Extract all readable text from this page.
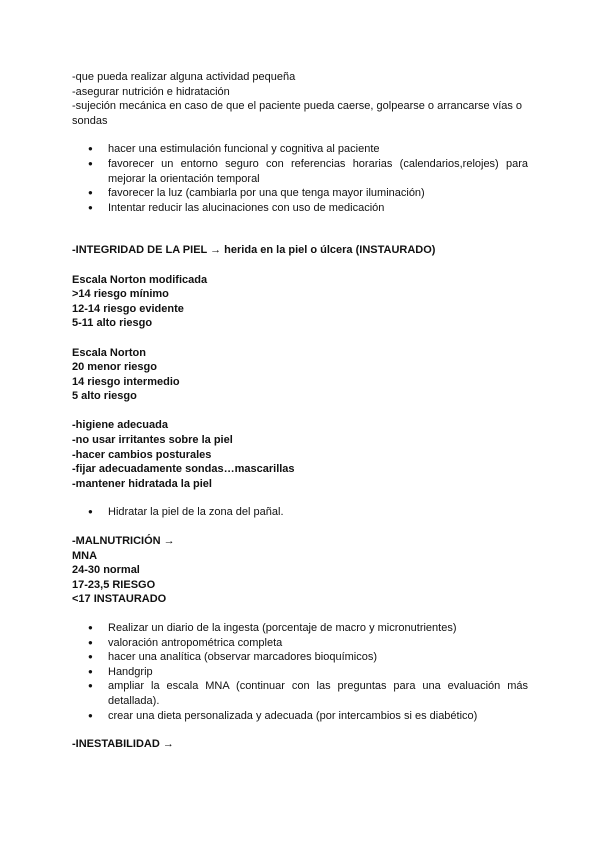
-que pueda realizar alguna actividad pequeña

-asegurar nutrición e hidratación

-sujeción mecánica en caso de que el paciente pueda caerse, golpearse o arrancarse vías o sondas

● hacer una estimulación funcional y cognitiva al paciente
● favorecer un entorno seguro con referencias horarias (calendarios,relojes) para mejorar la orientación temporal
● favorecer la luz (cambiarla por una que tenga mayor iluminación)
● Intentar reducir las alucinaciones con uso de medicación

-INTEGRIDAD DE LA PIEL → herida en la piel o úlcera (INSTAURADO)

Escala Norton modificada

>14 riesgo mínimo

12-14 riesgo evidente

5-11 alto riesgo

Escala Norton

20 menor riesgo

14 riesgo intermedio

5 alto riesgo

-higiene adecuada

-no usar irritantes sobre la piel

-hacer cambios posturales

-fijar adecuadamente sondas…mascarillas

-mantener hidratada la piel

● Hidratar la piel de la zona del pañal.

-MALNUTRICIÓN →

MNA

24-30 normal

17-23,5 RIESGO

<17 INSTAURADO

● Realizar un diario de la ingesta (porcentaje de macro y micronutrientes)
● valoración antropométrica completa
● hacer una analítica (observar marcadores bioquímicos)
● Handgrip
● ampliar la escala MNA (continuar con las preguntas para una evaluación más detallada).
● crear una dieta personalizada y adecuada (por intercambios si es diabético)

-INESTABILIDAD →
